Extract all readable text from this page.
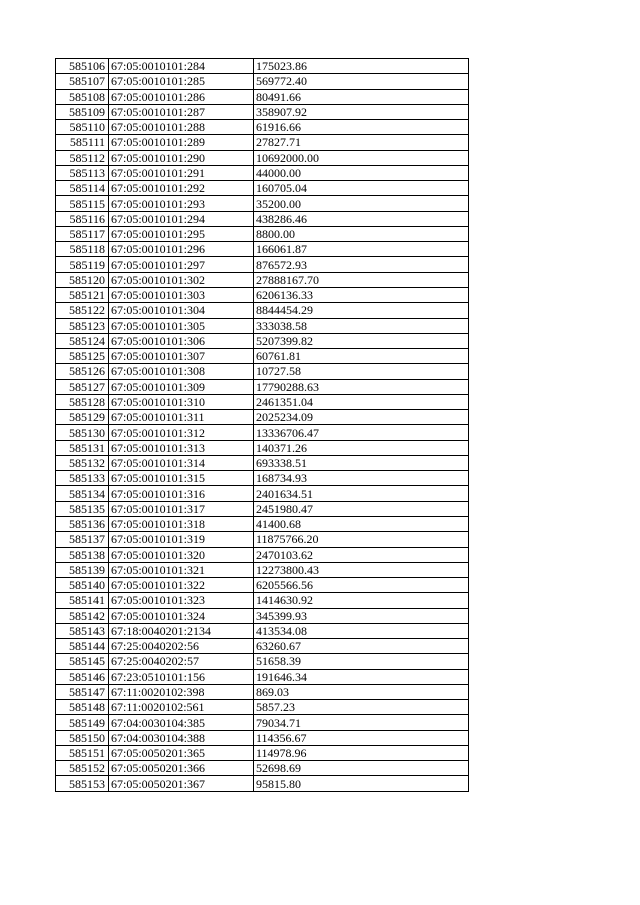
585106	67:05:0010101:284	175023.86
585107	67:05:0010101:285	569772.40
585108	67:05:0010101:286	80491.66
585109	67:05:0010101:287	358907.92
585110	67:05:0010101:288	61916.66
585111	67:05:0010101:289	27827.71
585112	67:05:0010101:290	10692000.00
585113	67:05:0010101:291	44000.00
585114	67:05:0010101:292	160705.04
585115	67:05:0010101:293	35200.00
585116	67:05:0010101:294	438286.46
585117	67:05:0010101:295	8800.00
585118	67:05:0010101:296	166061.87
585119	67:05:0010101:297	876572.93
585120	67:05:0010101:302	27888167.70
585121	67:05:0010101:303	6206136.33
585122	67:05:0010101:304	8844454.29
585123	67:05:0010101:305	333038.58
585124	67:05:0010101:306	5207399.82
585125	67:05:0010101:307	60761.81
585126	67:05:0010101:308	10727.58
585127	67:05:0010101:309	17790288.63
585128	67:05:0010101:310	2461351.04
585129	67:05:0010101:311	2025234.09
585130	67:05:0010101:312	13336706.47
585131	67:05:0010101:313	140371.26
585132	67:05:0010101:314	693338.51
585133	67:05:0010101:315	168734.93
585134	67:05:0010101:316	2401634.51
585135	67:05:0010101:317	2451980.47
585136	67:05:0010101:318	41400.68
585137	67:05:0010101:319	11875766.20
585138	67:05:0010101:320	2470103.62
585139	67:05:0010101:321	12273800.43
585140	67:05:0010101:322	6205566.56
585141	67:05:0010101:323	1414630.92
585142	67:05:0010101:324	345399.93
585143	67:18:0040201:2134	413534.08
585144	67:25:0040202:56	63260.67
585145	67:25:0040202:57	51658.39
585146	67:23:0510101:156	191646.34
585147	67:11:0020102:398	869.03
585148	67:11:0020102:561	5857.23
585149	67:04:0030104:385	79034.71
585150	67:04:0030104:388	114356.67
585151	67:05:0050201:365	114978.96
585152	67:05:0050201:366	52698.69
585153	67:05:0050201:367	95815.80
